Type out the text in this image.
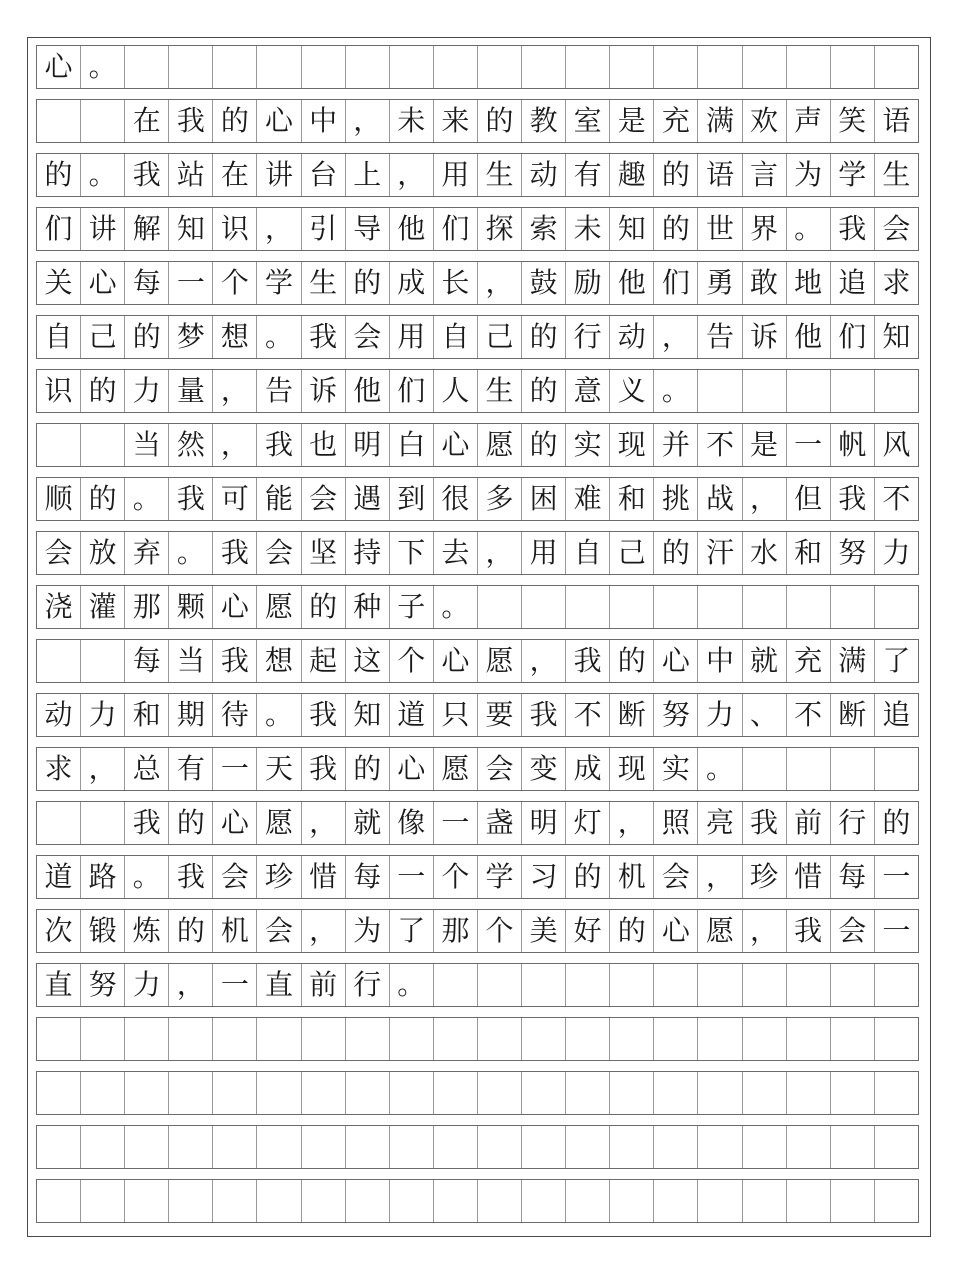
心 。
在 我 的 心 中 ， 未 来 的 教 室 是 充 满 欢 声 笑 语
的 。 我 站 在 讲 台 上 ， 用 生 动 有 趣 的 语 言 为 学 生
们 讲 解 知 识 ， 引 导 他 们 探 索 未 知 的 世 界 。 我 会
关 心 每 一 个 学 生 的 成 长 ， 鼓 励 他 们 勇 敢 地 追 求
自 己 的 梦 想 。 我 会 用 自 己 的 行 动 ， 告 诉 他 们 知
识 的 力 量 ， 告 诉 他 们 人 生 的 意 义 。
当 然 ， 我 也 明 白 心 愿 的 实 现 并 不 是 一 帆 风
顺 的 。 我 可 能 会 遇 到 很 多 困 难 和 挑 战 ， 但 我 不
会 放 弃 。 我 会 坚 持 下 去 ， 用 自 己 的 汗 水 和 努 力
浇 灌 那 颗 心 愿 的 种 子 。
每 当 我 想 起 这 个 心 愿 ， 我 的 心 中 就 充 满 了
动 力 和 期 待 。 我 知 道 只 要 我 不 断 努 力 、 不 断 追
求 ， 总 有 一 天 我 的 心 愿 会 变 成 现 实 。
我 的 心 愿 ， 就 像 一 盏 明 灯 ， 照 亮 我 前 行 的
道 路 。 我 会 珍 惜 每 一 个 学 习 的 机 会 ， 珍 惜 每 一
次 锻 炼 的 机 会 ， 为 了 那 个 美 好 的 心 愿 ， 我 会 一
直 努 力 ， 一 直 前 行 。
